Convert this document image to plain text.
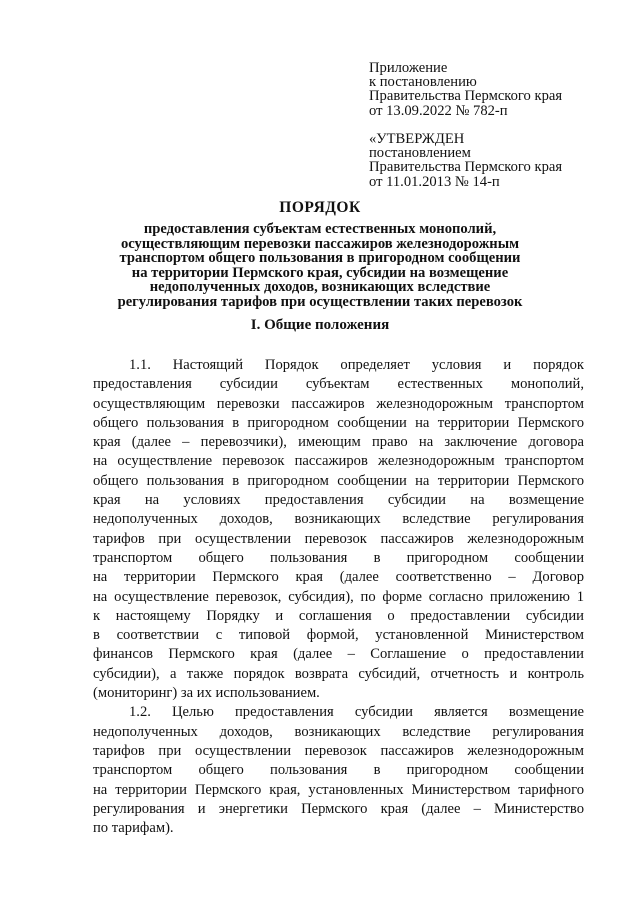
Приложение
к постановлению
Правительства Пермского края
от 13.09.2022 № 782-п
«УТВЕРЖДЕН
постановлением
Правительства Пермского края
от 11.01.2013 № 14-п
ПОРЯДОК
предоставления субъектам естественных монополий,
осуществляющим перевозки пассажиров железнодорожным
транспортом общего пользования в пригородном сообщении
на территории Пермского края, субсидии на возмещение
недополученных доходов, возникающих вследствие
регулирования тарифов при осуществлении таких перевозок
I. Общие положения
1.1. Настоящий Порядок определяет условия и порядок
предоставления субсидии субъектам естественных монополий,
осуществляющим перевозки пассажиров железнодорожным транспортом
общего пользования в пригородном сообщении на территории Пермского
края (далее – перевозчики), имеющим право на заключение договора
на осуществление перевозок пассажиров железнодорожным транспортом
общего пользования в пригородном сообщении на территории Пермского
края на условиях предоставления субсидии на возмещение
недополученных доходов, возникающих вследствие регулирования
тарифов при осуществлении перевозок пассажиров железнодорожным
транспортом общего пользования в пригородном сообщении
на территории Пермского края (далее соответственно – Договор
на осуществление перевозок, субсидия), по форме согласно приложению 1
к настоящему Порядку и соглашения о предоставлении субсидии
в соответствии с типовой формой, установленной Министерством
финансов Пермского края (далее – Соглашение о предоставлении
субсидии), а также порядок возврата субсидий, отчетность и контроль
(мониторинг) за их использованием.
1.2. Целью предоставления субсидии является возмещение
недополученных доходов, возникающих вследствие регулирования
тарифов при осуществлении перевозок пассажиров железнодорожным
транспортом общего пользования в пригородном сообщении
на территории Пермского края, установленных Министерством тарифного
регулирования и энергетики Пермского края (далее – Министерство
по тарифам).
